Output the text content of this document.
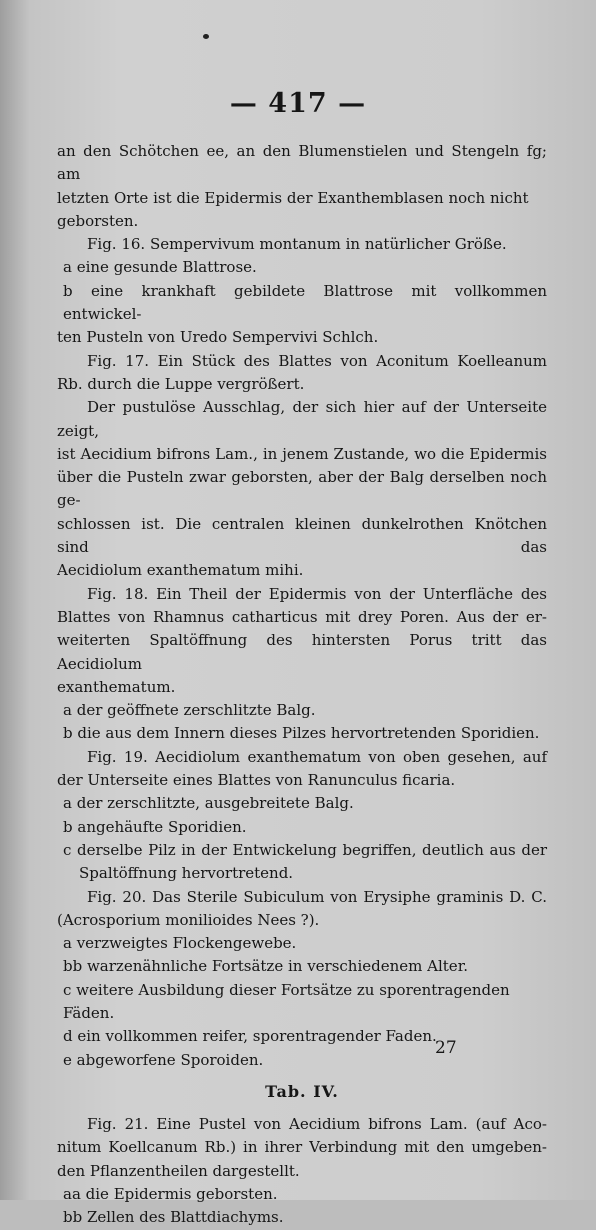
— 417 —

an den Schötchen ee, an den Blumenstielen und Stengeln fg; am

letzten Orte ist die Epidermis der Exanthemblasen noch nicht geborsten.

Fig. 16. Sempervivum montanum in natürlicher Größe.

a eine gesunde Blattrose.

b eine krankhaft gebildete Blattrose mit vollkommen entwickel-

ten Pusteln von Uredo Sempervivi Schlch.

Fig. 17. Ein Stück des Blattes von Aconitum Koelleanum

Rb. durch die Luppe vergrößert.

Der pustulöse Ausschlag, der sich hier auf der Unterseite zeigt,

ist Aecidium bifrons Lam., in jenem Zustande, wo die Epidermis

über die Pusteln zwar geborsten, aber der Balg derselben noch ge-

schlossen ist. Die centralen kleinen dunkelrothen Knötchen sind das

Aecidiolum exanthematum mihi.

Fig. 18. Ein Theil der Epidermis von der Unterfläche des

Blattes von Rhamnus catharticus mit drey Poren. Aus der er-

weiterten Spaltöffnung des hintersten Porus tritt das Aecidiolum

exanthematum.

a der geöffnete zerschlitzte Balg.

b die aus dem Innern dieses Pilzes hervortretenden Sporidien.

Fig. 19. Aecidiolum exanthematum von oben gesehen, auf

der Unterseite eines Blattes von Ranunculus ficaria.

a der zerschlitzte, ausgebreitete Balg.

b angehäufte Sporidien.

c derselbe Pilz in der Entwickelung begriffen, deutlich aus der

Spaltöffnung hervortretend.

Fig. 20. Das Sterile Subiculum von Erysiphe graminis D. C.

(Acrosporium monilioides Nees ?).

a verzweigtes Flockengewebe.

bb warzenähnliche Fortsätze in verschiedenem Alter.

c weitere Ausbildung dieser Fortsätze zu sporentragenden Fäden.

d ein vollkommen reifer, sporentragender Faden.

e abgeworfene Sporoiden.

Tab. IV.

Fig. 21. Eine Pustel von Aecidium bifrons Lam. (auf Aco-

nitum Koellcanum Rb.) in ihrer Verbindung mit den umgeben-

den Pflanzentheilen dargestellt.

aa die Epidermis geborsten.

bb Zellen des Blattdiachyms.

27
